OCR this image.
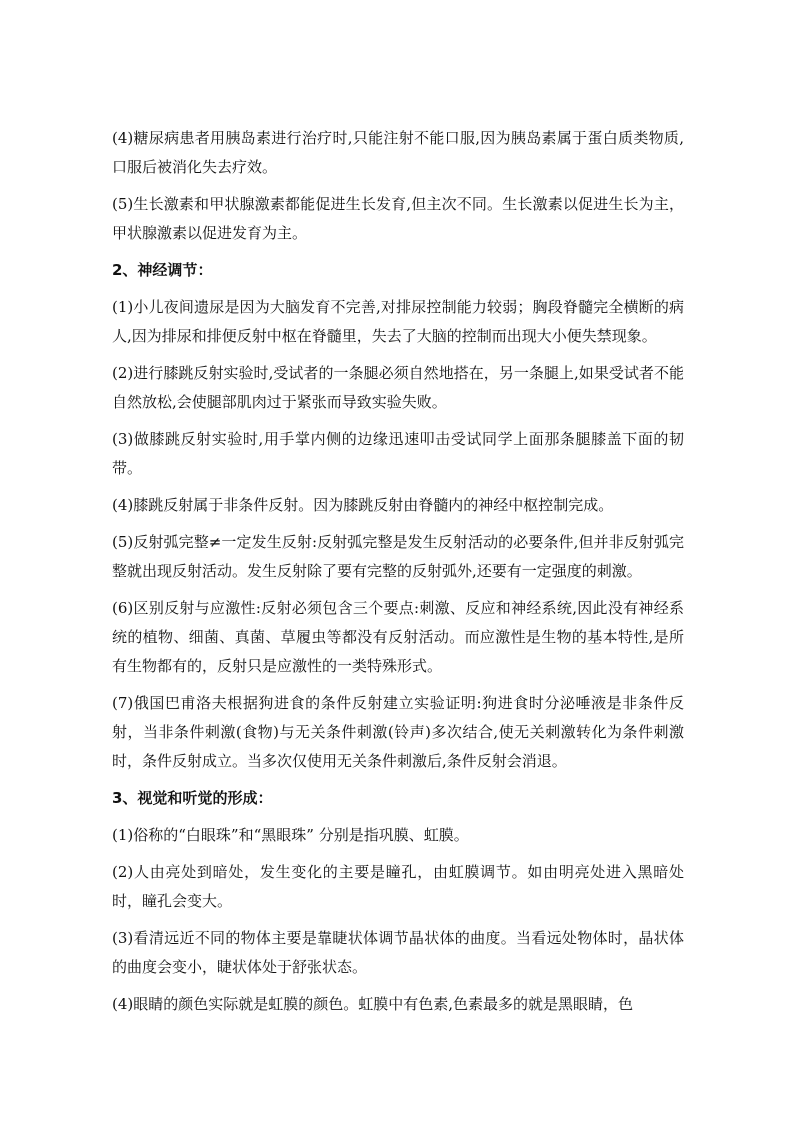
(4)糖尿病患者用胰岛素进行治疗时,只能注射不能口服,因为胰岛素属于蛋白质类物质,口服后被消化失去疗效。

(5)生长激素和甲状腺激素都能促进生长发育,但主次不同。生长激素以促进生长为主，甲状腺激素以促进发育为主。

2、神经调节：

(1)小儿夜间遗尿是因为大脑发育不完善,对排尿控制能力较弱；胸段脊髓完全横断的病人,因为排尿和排便反射中枢在脊髓里，失去了大脑的控制而出现大小便失禁现象。

(2)进行膝跳反射实验时,受试者的一条腿必须自然地搭在，另一条腿上,如果受试者不能自然放松,会使腿部肌肉过于紧张而导致实验失败。

(3)做膝跳反射实验时,用手掌内侧的边缘迅速叩击受试同学上面那条腿膝盖下面的韧带。

(4)膝跳反射属于非条件反射。因为膝跳反射由脊髓内的神经中枢控制完成。

(5)反射弧完整≠一定发生反射:反射弧完整是发生反射活动的必要条件,但并非反射弧完整就出现反射活动。发生反射除了要有完整的反射弧外,还要有一定强度的刺激。

(6)区别反射与应激性:反射必须包含三个要点:刺激、反应和神经系统,因此没有神经系统的植物、细菌、真菌、草履虫等都没有反射活动。而应激性是生物的基本特性,是所有生物都有的，反射只是应激性的一类特殊形式。

(7)俄国巴甫洛夫根据狗进食的条件反射建立实验证明:狗进食时分泌唾液是非条件反射，当非条件刺激(食物)与无关条件刺激(铃声)多次结合,使无关刺激转化为条件刺激时，条件反射成立。当多次仅使用无关条件刺激后,条件反射会消退。

3、视觉和听觉的形成：

(1)俗称的“白眼珠”和“黑眼珠” 分别是指巩膜、虹膜。

(2)人由亮处到暗处，发生变化的主要是瞳孔，由虹膜调节。如由明亮处进入黑暗处时，瞳孔会变大。

(3)看清远近不同的物体主要是靠睫状体调节晶状体的曲度。当看远处物体时，晶状体的曲度会变小，睫状体处于舒张状态。

(4)眼睛的颜色实际就是虹膜的颜色。虹膜中有色素,色素最多的就是黑眼睛，色
